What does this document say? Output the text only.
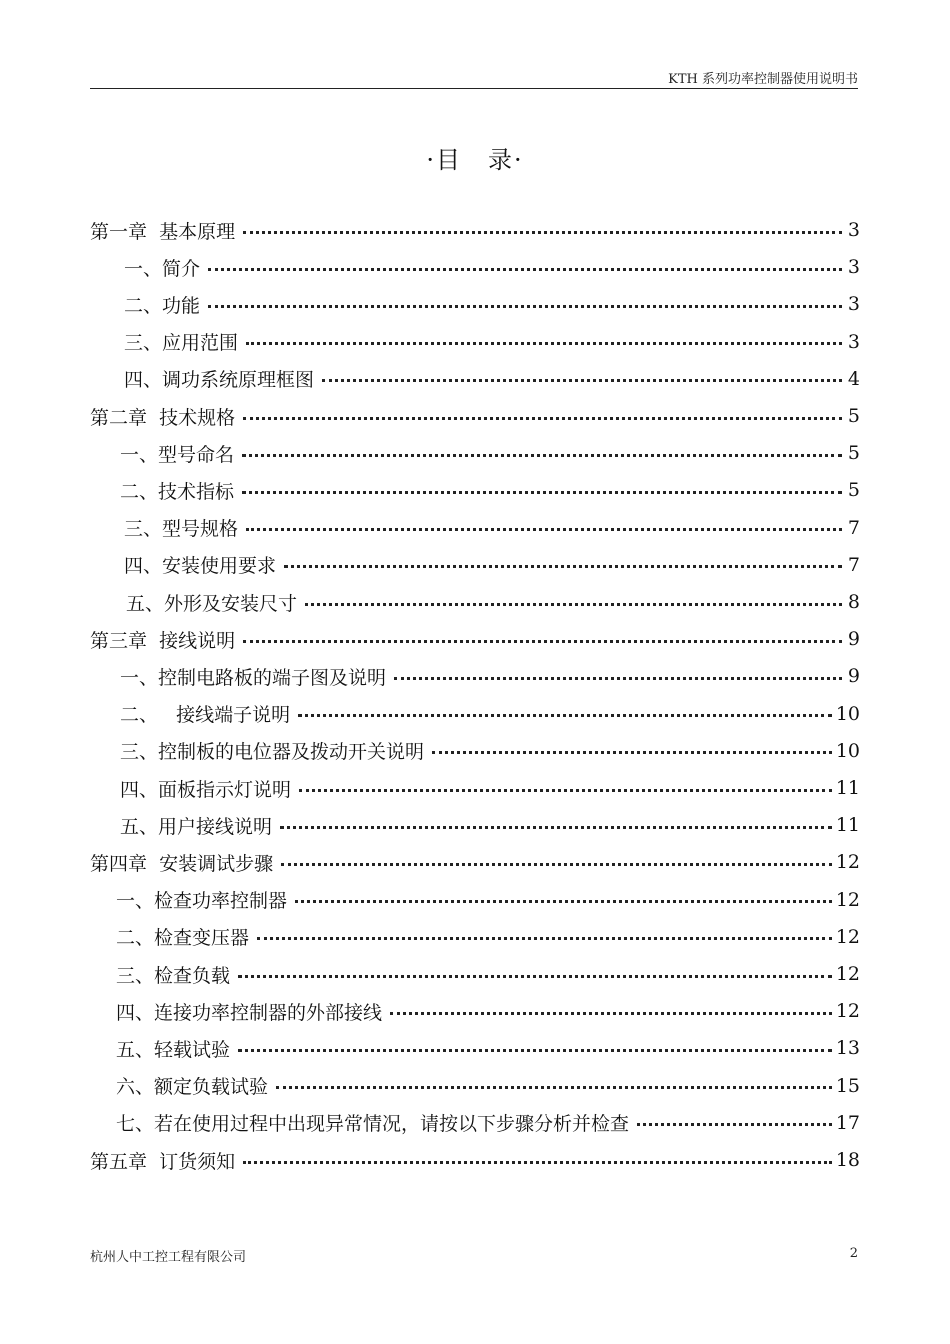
KTH 系列功率控制器使用说明书
·目　录·
第一章  基本原理	3
一、简介	3
二、功能	3
三、应用范围	3
四、调功系统原理框图	4
第二章  技术规格	5
一、型号命名	5
二、技术指标	5
三、型号规格	7
四、安装使用要求	7
五、外形及安装尺寸	8
第三章  接线说明	9
一、控制电路板的端子图及说明	9
二、   接线端子说明	10
三、控制板的电位器及拨动开关说明	10
四、面板指示灯说明	11
五、用户接线说明	11
第四章  安装调试步骤	12
一、检查功率控制器	12
二、检查变压器	12
三、检查负载	12
四、连接功率控制器的外部接线	12
五、轻载试验	13
六、额定负载试验	15
七、若在使用过程中出现异常情况，请按以下步骤分析并检查	17
第五章  订货须知	18
杭州人中工控工程有限公司	2
